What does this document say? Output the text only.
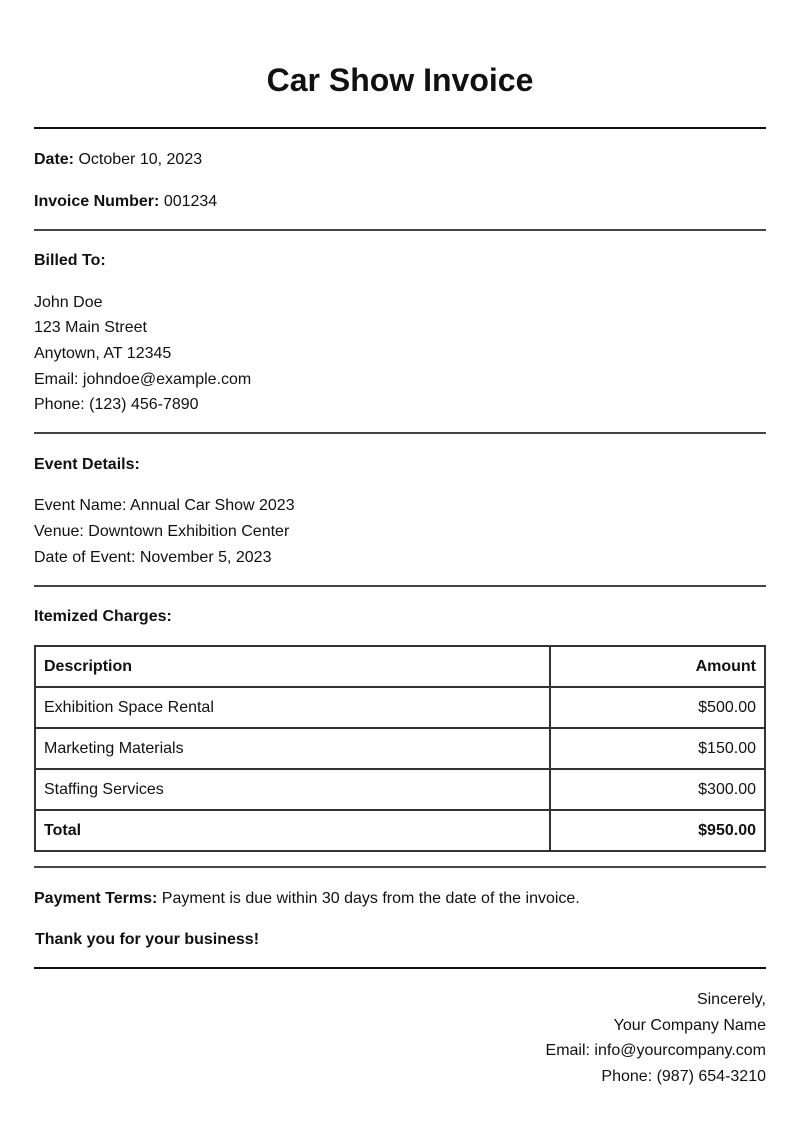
Car Show Invoice
Date: October 10, 2023
Invoice Number: 001234
Billed To:
John Doe
123 Main Street
Anytown, AT 12345
Email: johndoe@example.com
Phone: (123) 456-7890
Event Details:
Event Name: Annual Car Show 2023
Venue: Downtown Exhibition Center
Date of Event: November 5, 2023
Itemized Charges:
Description	Amount
Exhibition Space Rental	$500.00
Marketing Materials	$150.00
Staffing Services	$300.00
Total	$950.00
Payment Terms: Payment is due within 30 days from the date of the invoice.
Thank you for your business!
Sincerely,
Your Company Name
Email: info@yourcompany.com
Phone: (987) 654-3210
